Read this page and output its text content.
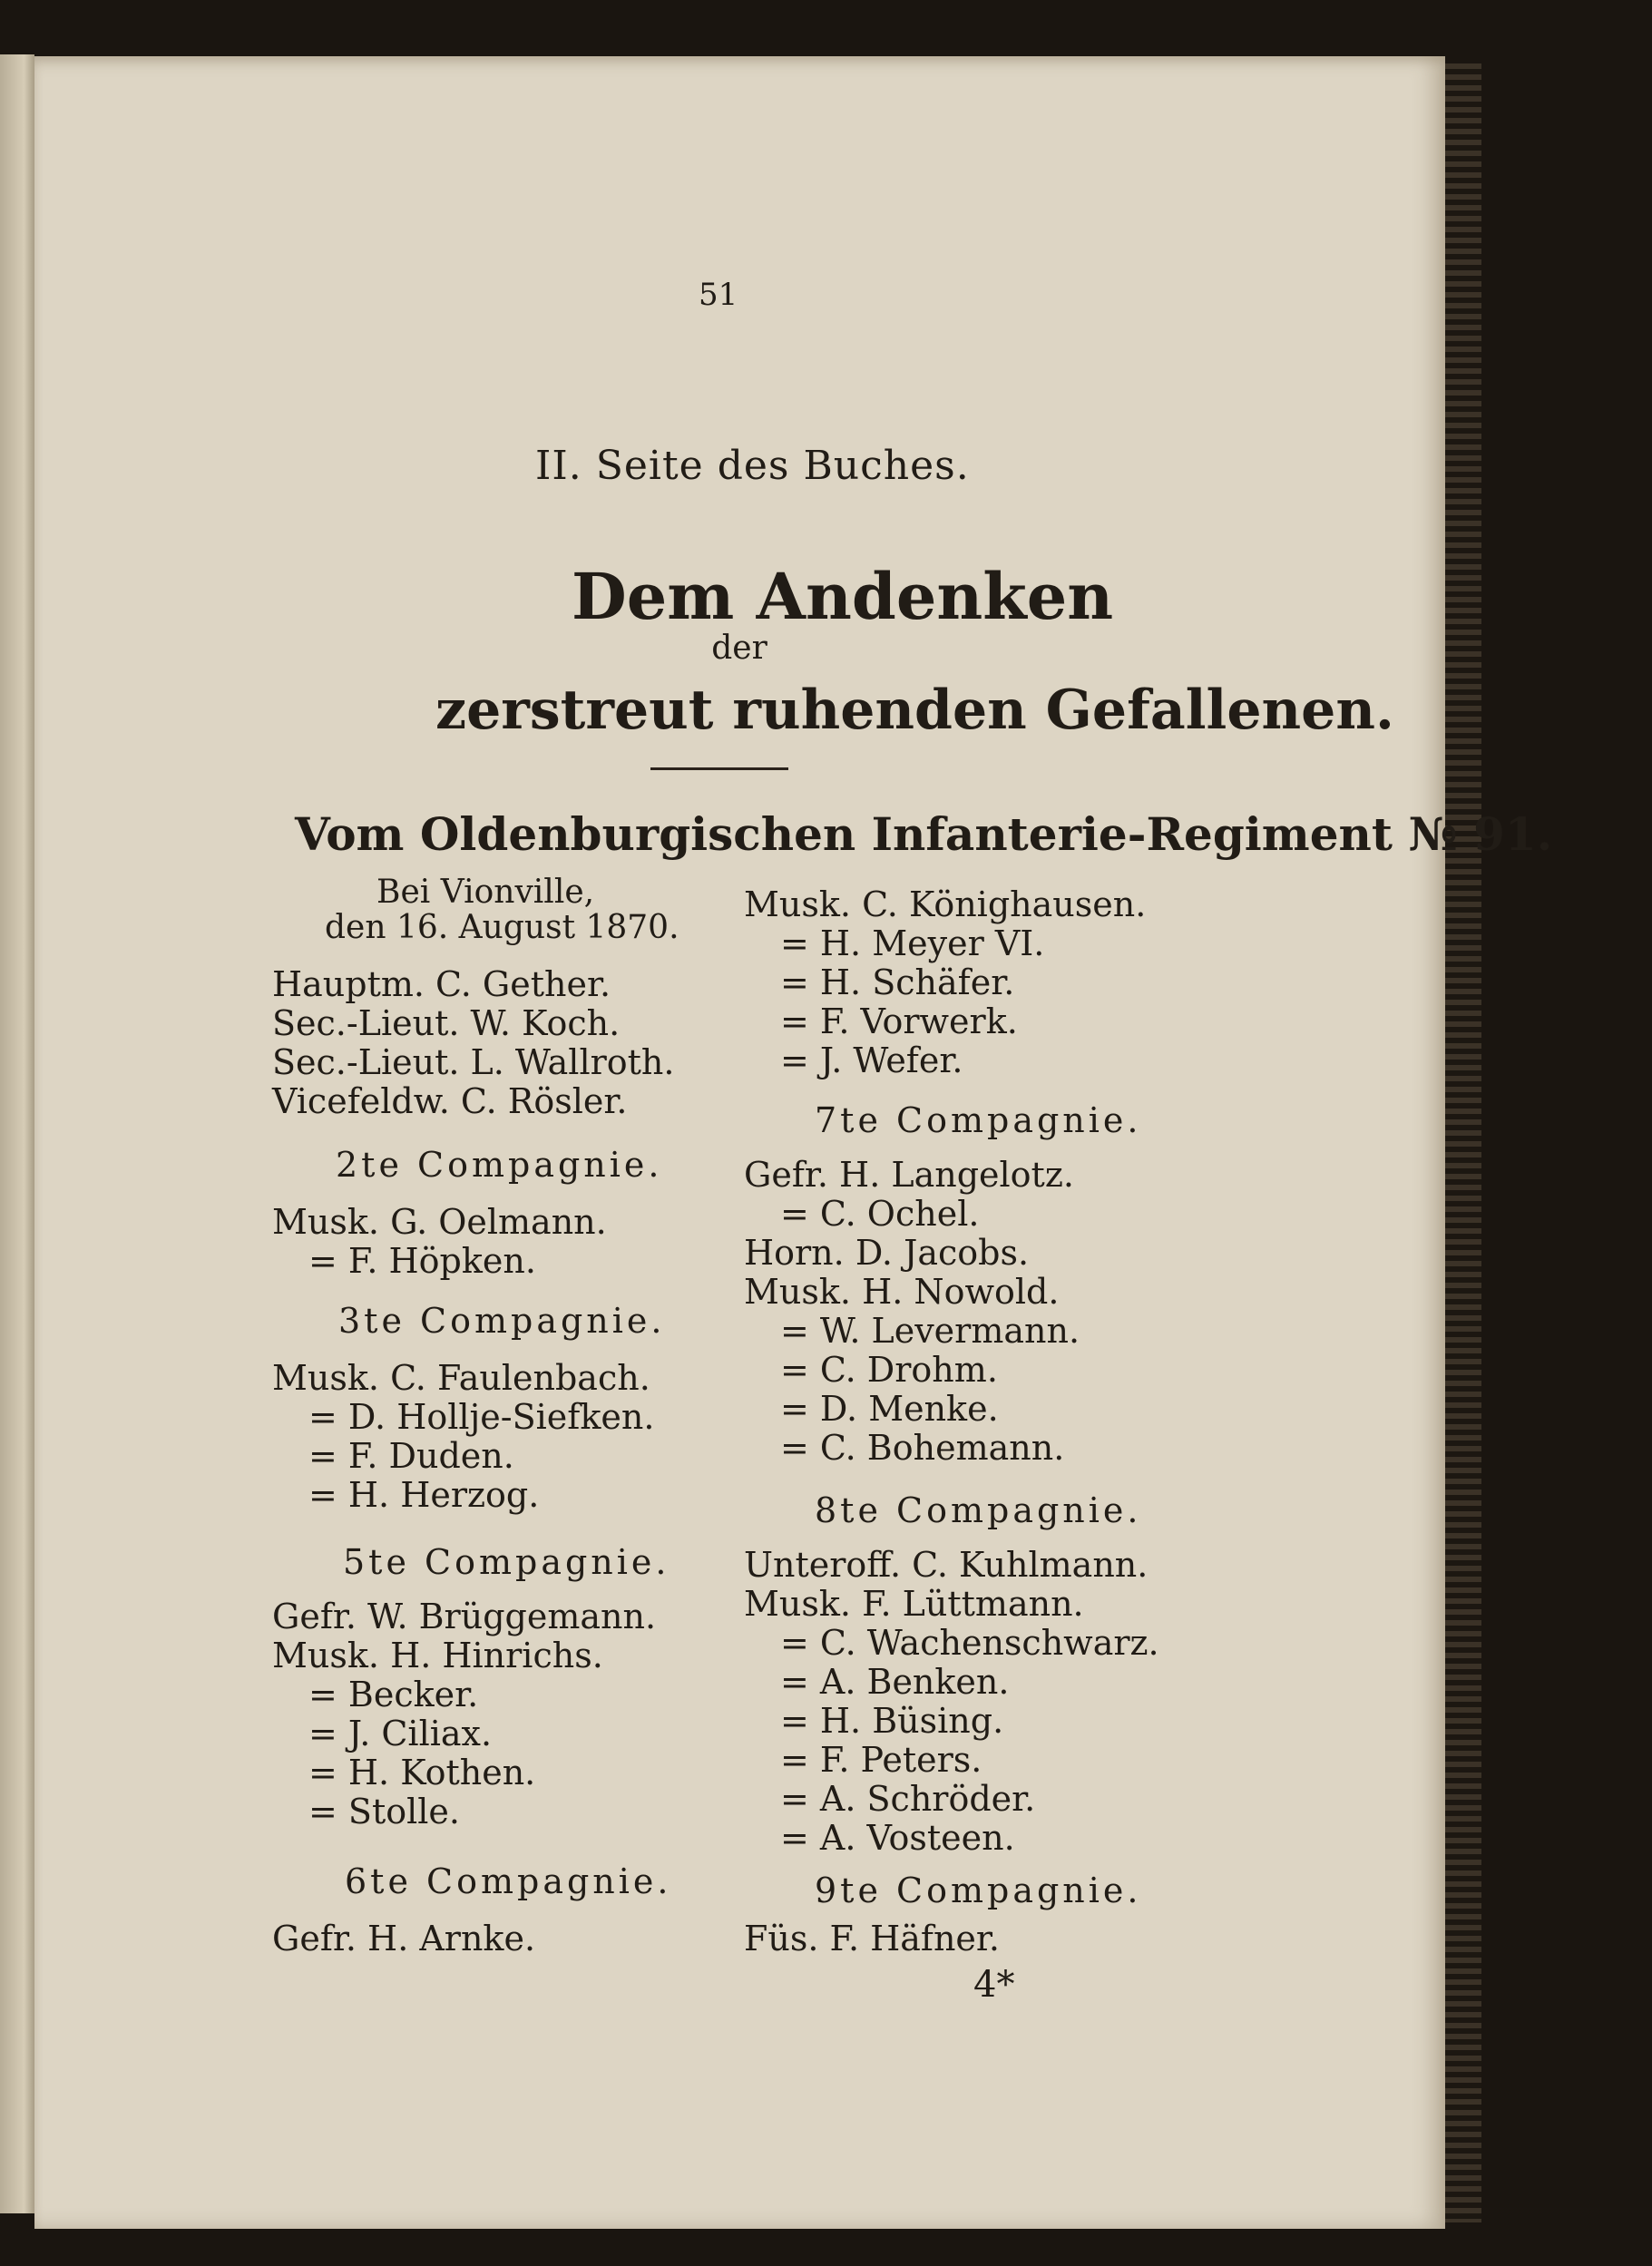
51
II. Seite des Buches.
Dem Andenken
der
zerstreut ruhenden Gefallenen.
Vom Oldenburgischen Infanterie-Regiment № 91.
Bei Vionville,
den 16. August 1870.
Hauptm. C. Gether.
Sec.-Lieut. W. Koch.
Sec.-Lieut. L. Wallroth.
Vicefeldw. C. Rösler.
2te Compagnie.
Musk. G. Oelmann.
= F. Höpken.
3te Compagnie.
Musk. C. Faulenbach.
= D. Hollje-Siefken.
= F. Duden.
= H. Herzog.
5te Compagnie.
Gefr. W. Brüggemann.
Musk. H. Hinrichs.
= Becker.
= J. Ciliax.
= H. Kothen.
= Stolle.
6te Compagnie.
Gefr. H. Arnke.
Musk. C. Könighausen.
= H. Meyer VI.
= H. Schäfer.
= F. Vorwerk.
= J. Wefer.
7te Compagnie.
Gefr. H. Langelotz.
= C. Ochel.
Horn. D. Jacobs.
Musk. H. Nowold.
= W. Levermann.
= C. Drohm.
= D. Menke.
= C. Bohemann.
8te Compagnie.
Unteroff. C. Kuhlmann.
Musk. F. Lüttmann.
= C. Wachenschwarz.
= A. Benken.
= H. Büsing.
= F. Peters.
= A. Schröder.
= A. Vosteen.
9te Compagnie.
Füs. F. Häfner.
4*
